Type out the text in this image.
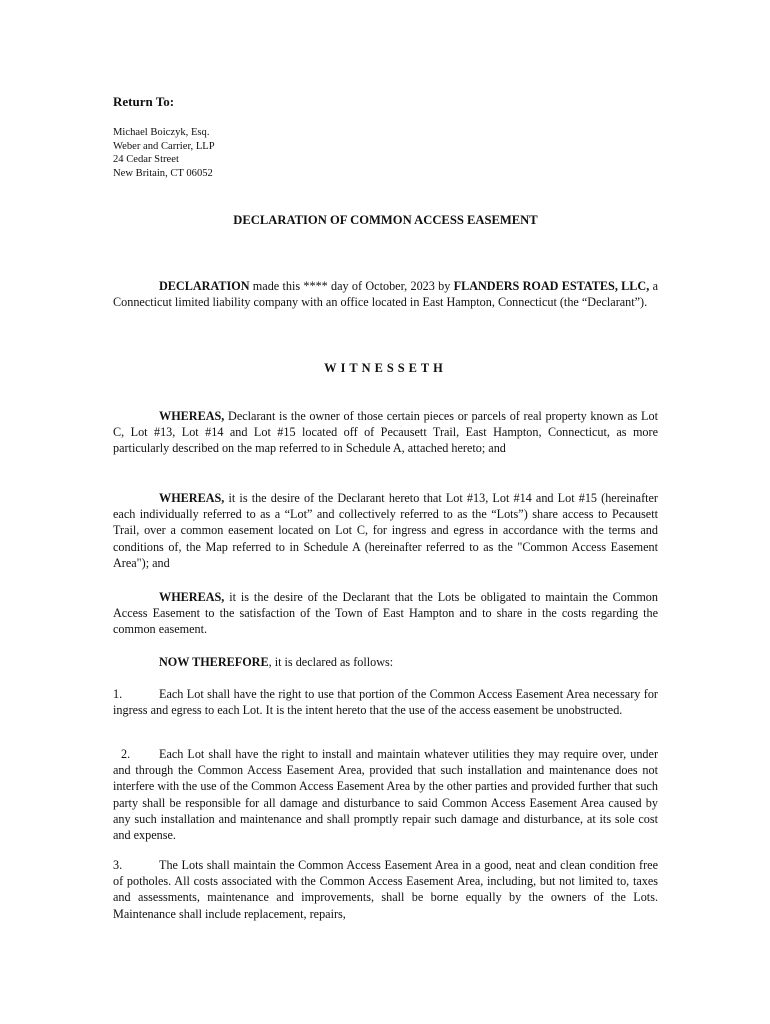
Return To:
Michael Boiczyk, Esq.
Weber and Carrier, LLP
24 Cedar Street
New Britain, CT 06052
DECLARATION OF COMMON ACCESS EASEMENT

DECLARATION made this **** day of October, 2023 by FLANDERS ROAD ESTATES, LLC, a Connecticut limited liability company with an office located in East Hampton, Connecticut (the “Declarant”).

WITNESSETH

WHEREAS, Declarant is the owner of those certain pieces or parcels of real property known as Lot C, Lot #13, Lot #14 and Lot #15 located off of Pecausett Trail, East Hampton, Connecticut, as more particularly described on the map referred to in Schedule A, attached hereto; and

WHEREAS, it is the desire of the Declarant hereto that Lot #13, Lot #14 and Lot #15 (hereinafter each individually referred to as a “Lot” and collectively referred to as the “Lots”) share access to Pecausett Trail, over a common easement located on Lot C, for ingress and egress in accordance with the terms and conditions of, the Map referred to in Schedule A (hereinafter referred to as the "Common Access Easement Area"); and

WHEREAS, it is the desire of the Declarant that the Lots be obligated to maintain the Common Access Easement to the satisfaction of the Town of East Hampton and to share in the costs regarding the common easement.

NOW THEREFORE, it is declared as follows:

1.	Each Lot shall have the right to use that portion of the Common Access Easement Area necessary for ingress and egress to each Lot. It is the intent hereto that the use of the access easement be unobstructed.

2. Each Lot shall have the right to install and maintain whatever utilities they may require over, under and through the Common Access Easement Area, provided that such installation and maintenance does not interfere with the use of the Common Access Easement Area by the other parties and provided further that such party shall be responsible for all damage and disturbance to said Common Access Easement Area caused by any such installation and maintenance and shall promptly repair such damage and disturbance, at its sole cost and expense.

3.	The Lots shall maintain the Common Access Easement Area in a good, neat and clean condition free of potholes. All costs associated with the Common Access Easement Area, including, but not limited to, taxes and assessments, maintenance and improvements, shall be borne equally by the owners of the Lots. Maintenance shall include replacement, repairs,
